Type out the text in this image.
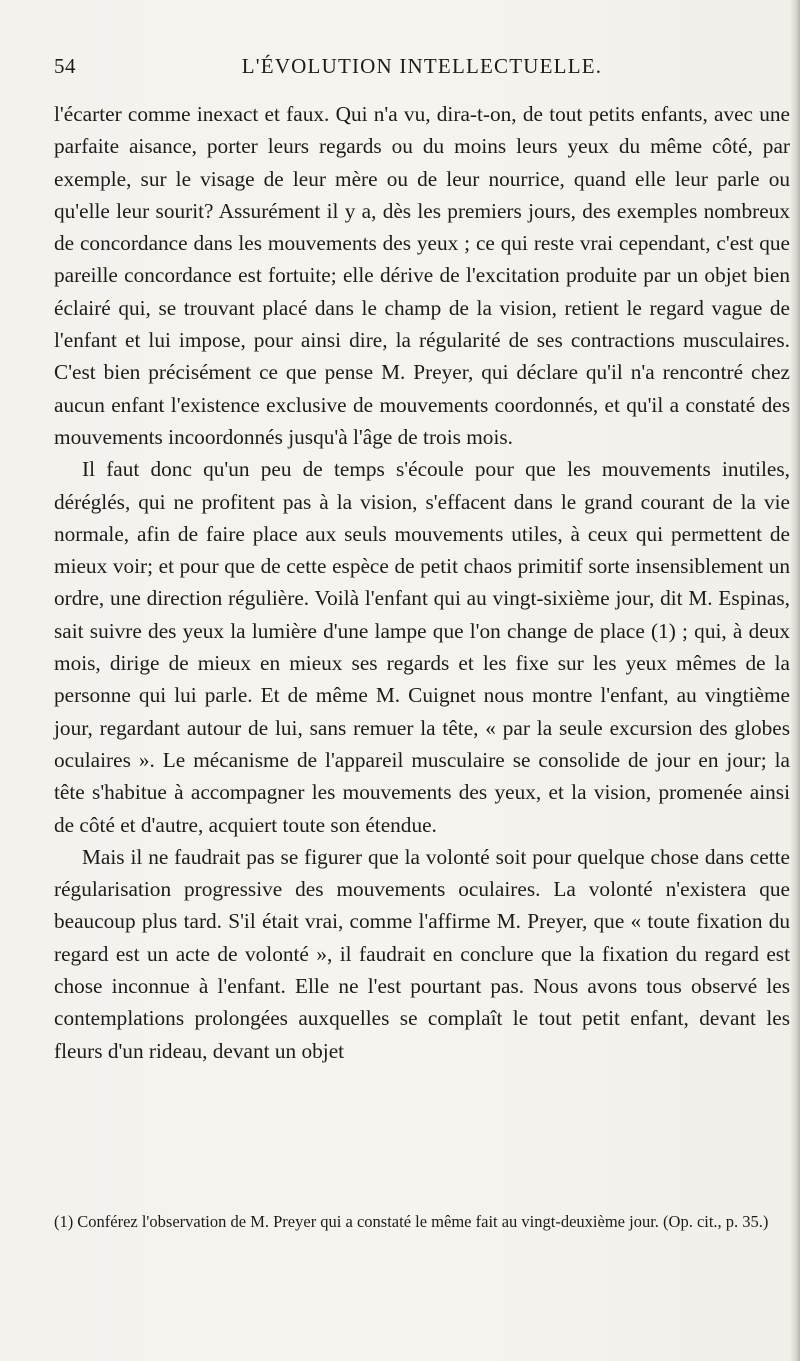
54	L'ÉVOLUTION INTELLECTUELLE.

l'écarter comme inexact et faux. Qui n'a vu, dira-t-on, de tout petits enfants, avec une parfaite aisance, porter leurs regards ou du moins leurs yeux du même côté, par exemple, sur le visage de leur mère ou de leur nourrice, quand elle leur parle ou qu'elle leur sourit? Assurément il y a, dès les premiers jours, des exemples nombreux de concordance dans les mouvements des yeux ; ce qui reste vrai cependant, c'est que pareille concordance est fortuite; elle dérive de l'excitation produite par un objet bien éclairé qui, se trouvant placé dans le champ de la vision, retient le regard vague de l'enfant et lui impose, pour ainsi dire, la régularité de ses contractions musculaires. C'est bien précisément ce que pense M. Preyer, qui déclare qu'il n'a rencontré chez aucun enfant l'existence exclusive de mouvements coordonnés, et qu'il a constaté des mouvements incoordonnés jusqu'à l'âge de trois mois.

Il faut donc qu'un peu de temps s'écoule pour que les mouvements inutiles, déréglés, qui ne profitent pas à la vision, s'effacent dans le grand courant de la vie normale, afin de faire place aux seuls mouvements utiles, à ceux qui permettent de mieux voir; et pour que de cette espèce de petit chaos primitif sorte insensiblement un ordre, une direction régulière. Voilà l'enfant qui au vingt-sixième jour, dit M. Espinas, sait suivre des yeux la lumière d'une lampe que l'on change de place (1) ; qui, à deux mois, dirige de mieux en mieux ses regards et les fixe sur les yeux mêmes de la personne qui lui parle. Et de même M. Cuignet nous montre l'enfant, au vingtième jour, regardant autour de lui, sans remuer la tête, « par la seule excursion des globes oculaires ». Le mécanisme de l'appareil musculaire se consolide de jour en jour; la tête s'habitue à accompagner les mouvements des yeux, et la vision, promenée ainsi de côté et d'autre, acquiert toute son étendue.

Mais il ne faudrait pas se figurer que la volonté soit pour quelque chose dans cette régularisation progressive des mouvements oculaires. La volonté n'existera que beaucoup plus tard. S'il était vrai, comme l'affirme M. Preyer, que « toute fixation du regard est un acte de volonté », il faudrait en conclure que la fixation du regard est chose inconnue à l'enfant. Elle ne l'est pourtant pas. Nous avons tous observé les contemplations prolongées auxquelles se complaît le tout petit enfant, devant les fleurs d'un rideau, devant un objet

(1) Conférez l'observation de M. Preyer qui a constaté le même fait au vingt-deuxième jour. (Op. cit., p. 35.)
